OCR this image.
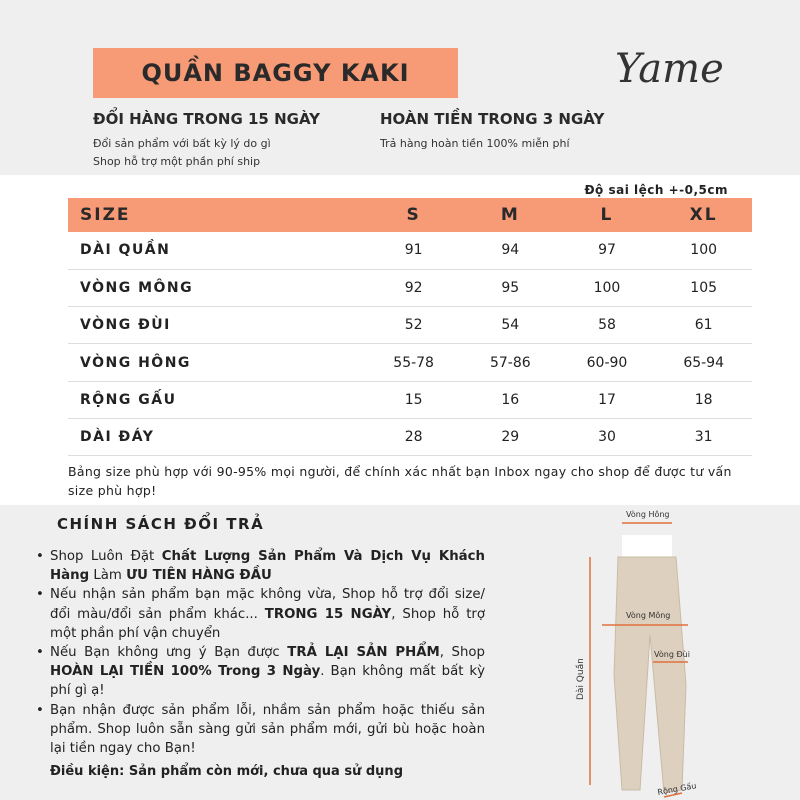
QUẦN BAGGY KAKI	Yame
ĐỔI HÀNG TRONG 15 NGÀY
Đổi sản phẩm với bất kỳ lý do gì
Shop hỗ trợ một phần phí ship
HOÀN TIỀN TRONG 3 NGÀY
Trả hàng hoàn tiền 100% miễn phí
Độ sai lệch +-0,5cm
SIZE	S	M	L	XL
DÀI QUẦN	91	94	97	100
VÒNG MÔNG	92	95	100	105
VÒNG ĐÙI	52	54	58	61
VÒNG HÔNG	55-78	57-86	60-90	65-94
RỘNG GẤU	15	16	17	18
DÀI ĐÁY	28	29	30	31
Bảng size phù hợp với 90-95% mọi người, để chính xác nhất bạn Inbox ngay cho shop để được tư vấn size phù hợp!
CHÍNH SÁCH ĐỔI TRẢ
• Shop Luôn Đặt Chất Lượng Sản Phẩm Và Dịch Vụ Khách Hàng Làm ƯU TIÊN HÀNG ĐẦU
• Nếu nhận sản phẩm bạn mặc không vừa, Shop hỗ trợ đổi size/đổi màu/đổi sản phẩm khác... TRONG 15 NGÀY, Shop hỗ trợ một phần phí vận chuyển
• Nếu Bạn không ưng ý Bạn được TRẢ LẠI SẢN PHẨM, Shop HOÀN LẠI TIỀN 100% Trong 3 Ngày. Bạn không mất bất kỳ phí gì ạ!
• Bạn nhận được sản phẩm lỗi, nhầm sản phẩm hoặc thiếu sản phẩm. Shop luôn sẵn sàng gửi sản phẩm mới, gửi bù hoặc hoàn lại tiền ngay cho Bạn!
Điều kiện: Sản phẩm còn mới, chưa qua sử dụng
Vòng Hông
Vòng Mông
Vòng Đùi
Dài Quần
Rộng Gấu
